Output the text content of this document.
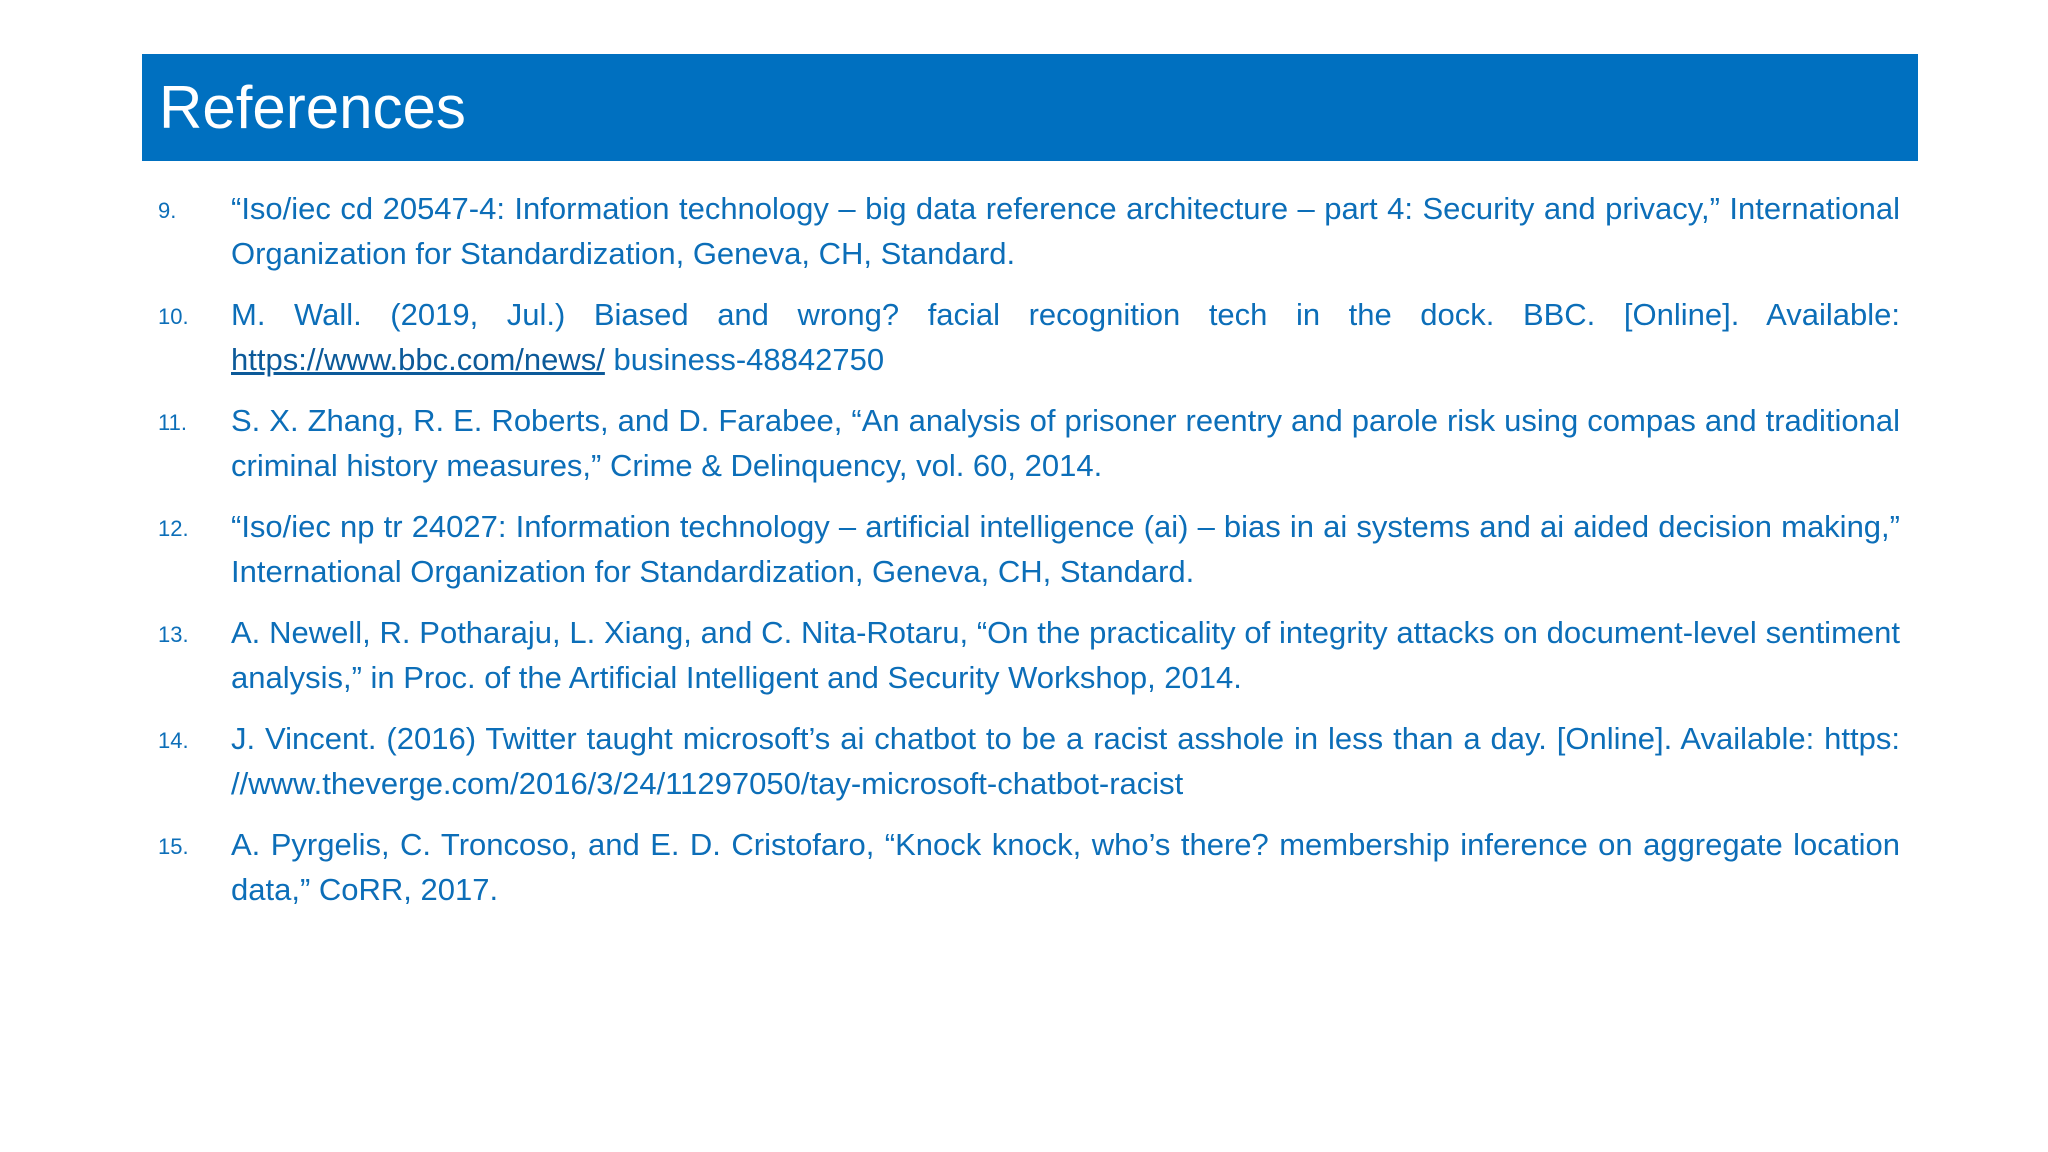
References
9. “Iso/iec cd 20547-4: Information technology – big data reference architecture – part 4: Security and privacy,” International Organization for Standardization, Geneva, CH, Standard.
10. M. Wall. (2019, Jul.) Biased and wrong? facial recognition tech in the dock. BBC. [Online]. Available: https://www.bbc.com/news/ business-48842750
11. S. X. Zhang, R. E. Roberts, and D. Farabee, “An analysis of prisoner reentry and parole risk using compas and traditional criminal history measures,” Crime & Delinquency, vol. 60, 2014.
12. “Iso/iec np tr 24027: Information technology – artificial intelligence (ai) – bias in ai systems and ai aided decision making,” International Organization for Standardization, Geneva, CH, Standard.
13. A. Newell, R. Potharaju, L. Xiang, and C. Nita-Rotaru, “On the practicality of integrity attacks on document-level sentiment analysis,” in Proc. of the Artificial Intelligent and Security Workshop, 2014.
14. J. Vincent. (2016) Twitter taught microsoft’s ai chatbot to be a racist asshole in less than a day. [Online]. Available: https: //www.theverge.com/2016/3/24/11297050/tay-microsoft-chatbot-racist
15. A. Pyrgelis, C. Troncoso, and E. D. Cristofaro, “Knock knock, who’s there? membership inference on aggregate location data,” CoRR, 2017.
